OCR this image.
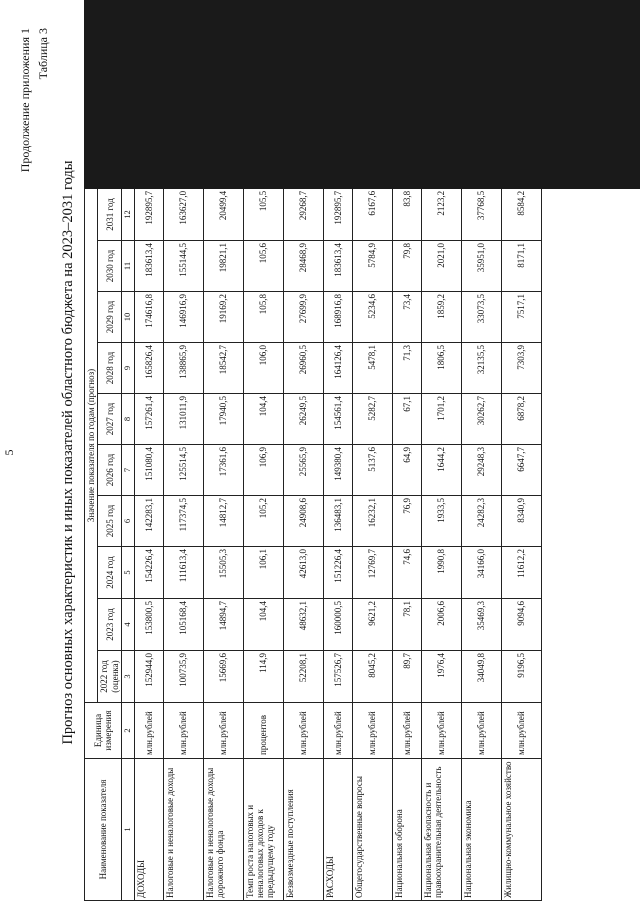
5
Продолжение приложения 1 Таблица 3
Прогноз основных характеристик и иных показателей областного бюджета на 2023–2031 годы
Наименование показателя	Единица измерения	Значение показателя по годам (прогноз)									
		2022 год (оценка)	2023 год	2024 год	2025 год	2026 год	2027 год	2028 год	2029 год	2030 год	2031 год
1	2	3	4	5	6	7	8	9	10	11	12
ДОХОДЫ	млн.рублей	152944,0	153800,5	154226,4	142283,1	151080,4	157261,4	165826,4	174616,8	183613,4	192895,7
Налоговые и неналоговые доходы	млн.рублей	100735,9	105168,4	111613,4	117374,5	125514,5	131011,9	138865,9	146916,9	155144,5	163627,0
Налоговые и неналоговые доходы дорожного фонда	млн.рублей	15669,6	14894,7	15505,3	14812,7	17361,6	17940,5	18542,7	19169,2	19821,1	20499,4
Темп роста налоговых и неналоговых доходов к предыдущему году	процентов	114,9	104,4	106,1	105,2	106,9	104,4	106,0	105,8	105,6	105,5
Безвозмездные поступления	млн.рублей	52208,1	48632,1	42613,0	24908,6	25565,9	26249,5	26960,5	27699,9	28468,9	29268,7
РАСХОДЫ	млн.рублей	157526,7	160000,5	151226,4	136483,1	149380,4	154561,4	164126,4	168916,8	183613,4	192895,7
Общегосударственные вопросы	млн.рублей	8045,2	9621,2	12769,7	16232,1	5137,6	5282,7	5478,1	5234,6	5784,9	6167,6
Национальная оборона	млн.рублей	89,7	78,1	74,6	76,9	64,9	67,1	71,3	73,4	79,8	83,8
Национальная безопасность и правоохранительная деятельность	млн.рублей	1976,4	2006,6	1990,8	1933,5	1644,2	1701,2	1806,5	1859,2	2021,0	2123,2
Национальная экономика	млн.рублей	34049,8	35469,3	34166,0	24282,3	29248,3	30262,7	32135,5	33073,5	35951,0	37768,5
Жилищно-коммунальное хозяйство	млн.рублей	9196,5	9094,6	11612,2	8340,9	6647,7	6878,2	7303,9	7517,1	8171,1	8584,2
